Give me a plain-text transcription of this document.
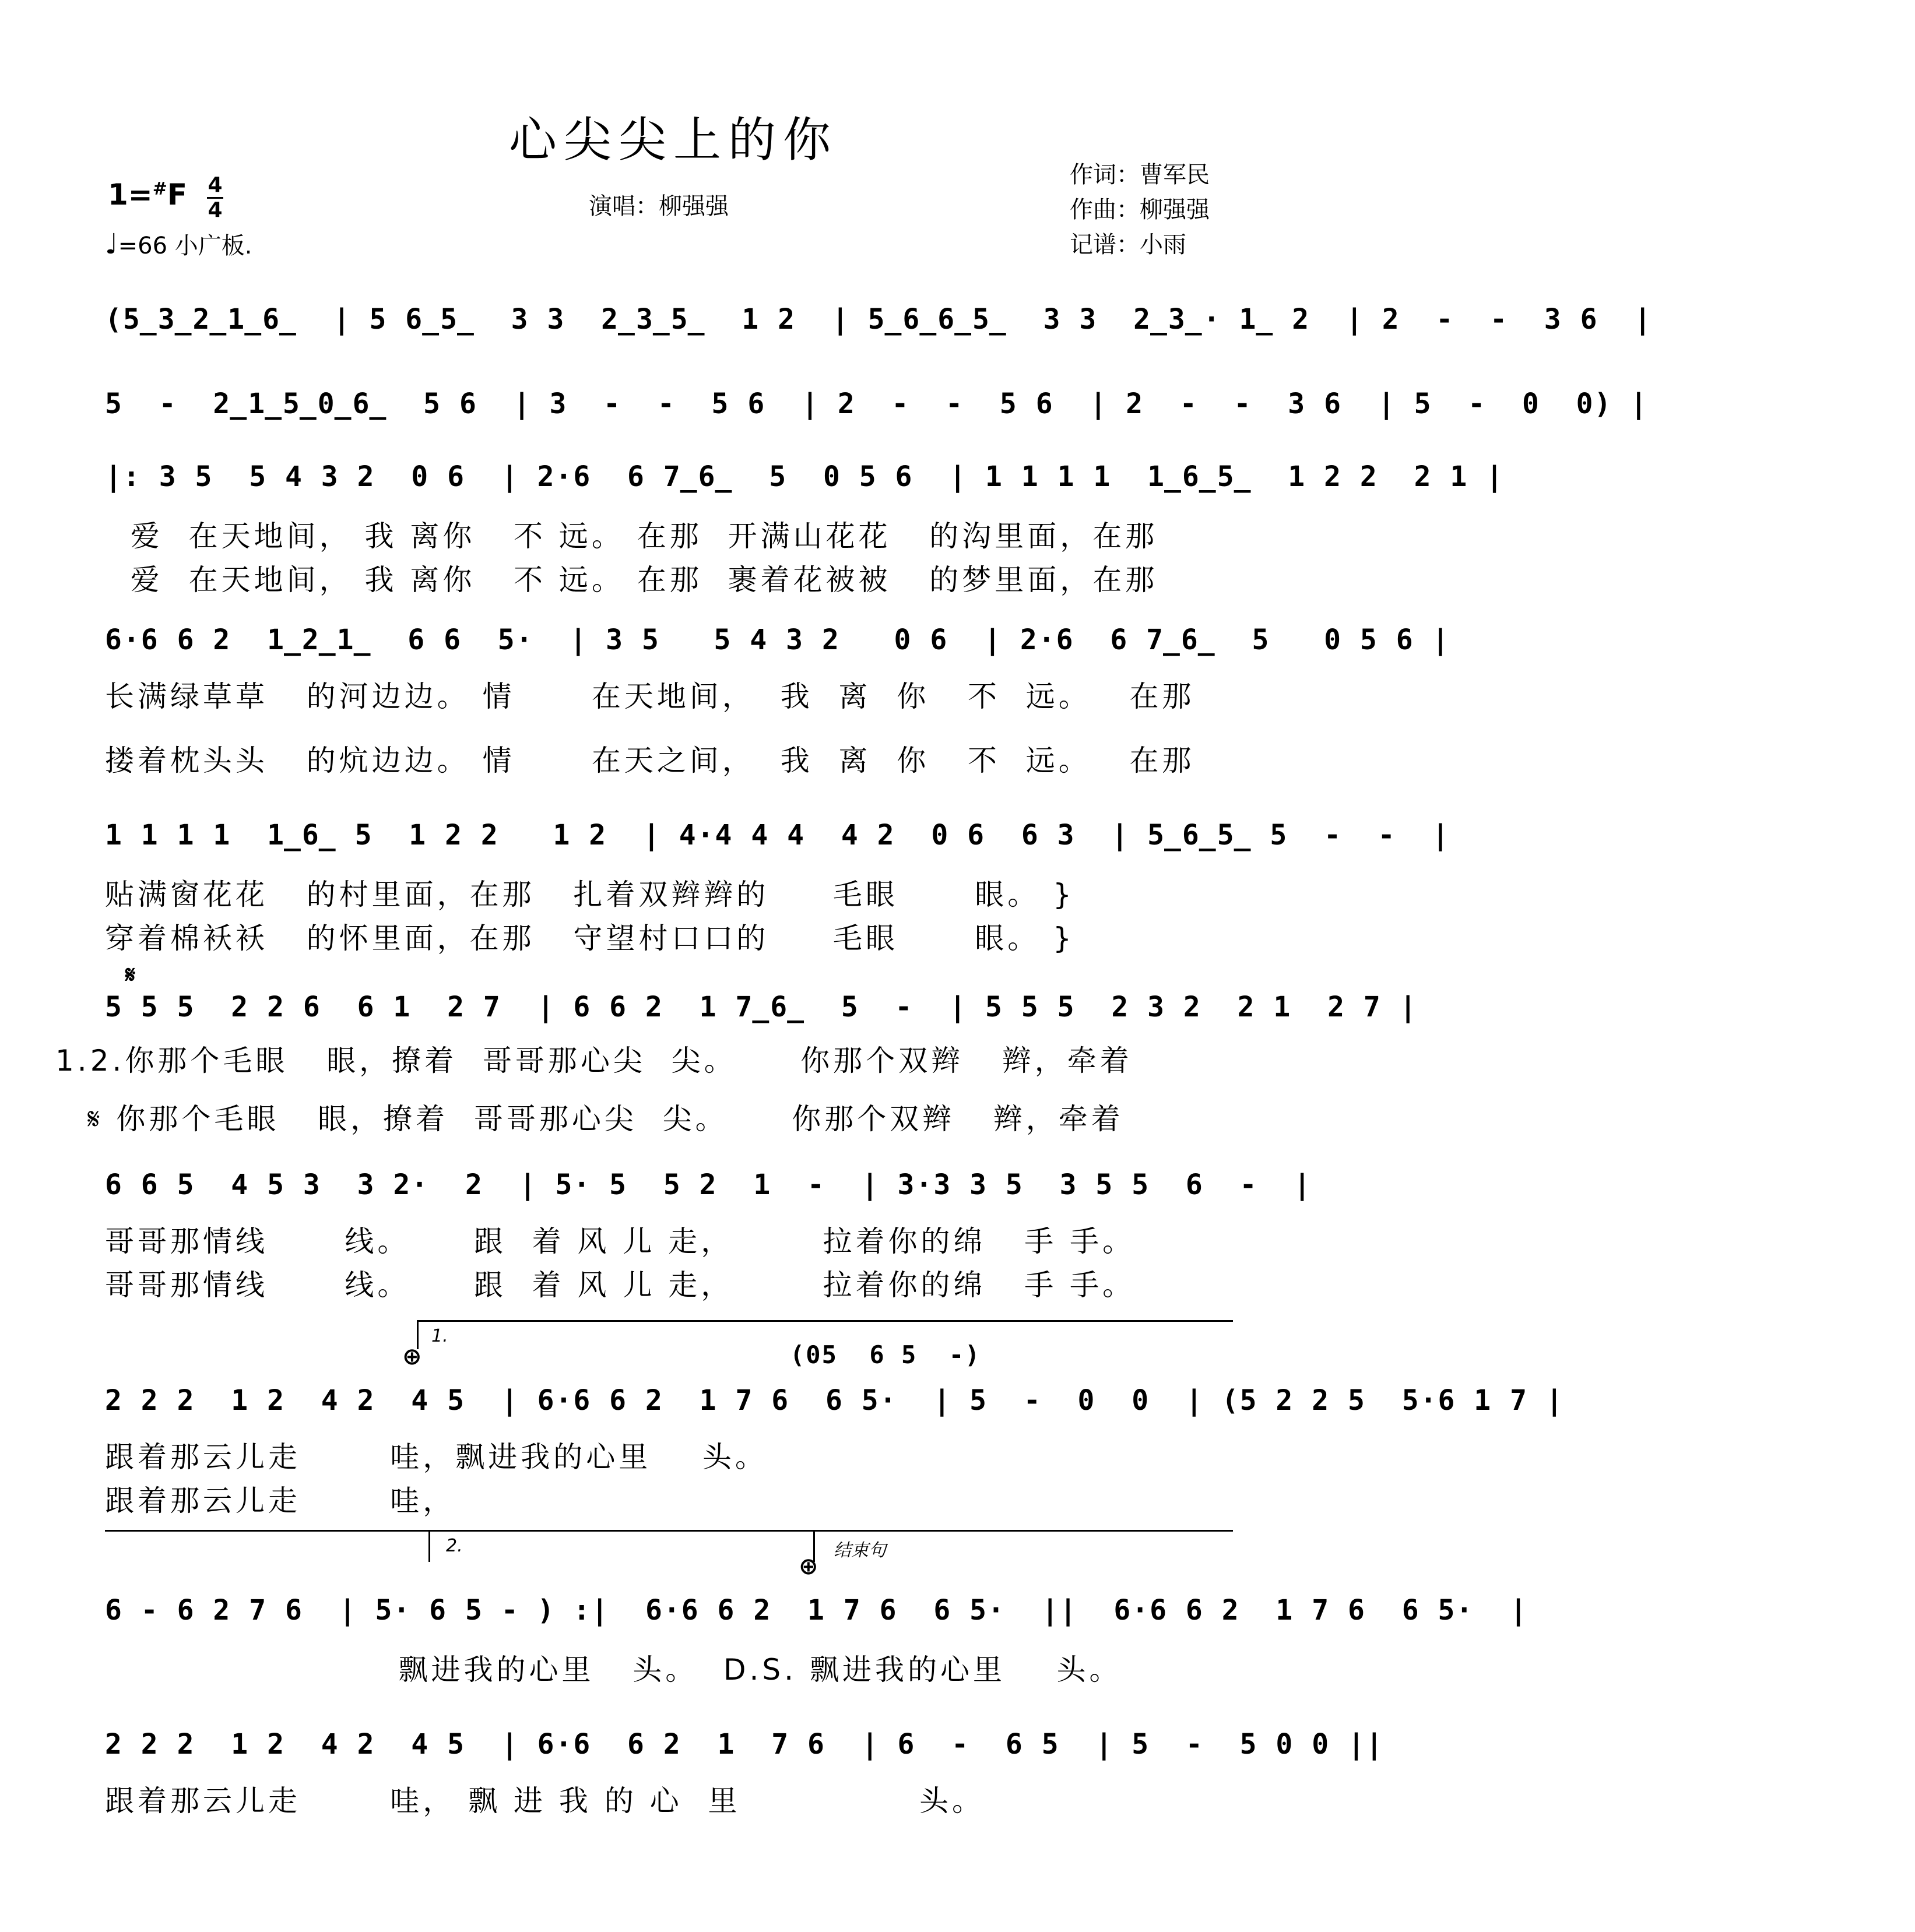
心尖尖上的你
作词：曹军民
作曲：柳强强
记谱：小雨
演唱：柳强强
1=#F 4
4
♩=66 小广板.
(5̲3̲2̲1̲6̲  | 5 6̲5̲  3 3  2̲3̲5̲  1 2  | 5̲6̲6̲5̲  3 3  2̲3̲· 1̲ 2  | 2  -  -  3 6  |
5  -  2̲1̲5̲0̲6̲  5 6  | 3  -  -  5 6  | 2  -  -  5 6  | 2  -  -  3 6  | 5  -  0  0) |
|: 3 5  5 4 3 2  0 6  | 2·6  6 7̲6̲  5  0 5 6  | 1 1 1 1  1̲6̲5̲  1 2 2  2 1 |
爱  在天地间， 我 离你   不 远。 在那  开满山花花   的沟里面，在那
爱  在天地间， 我 离你   不 远。 在那  裹着花被被   的梦里面，在那
6·6 6 2  1̲2̲1̲  6 6  5·  | 3 5   5 4 3 2   0 6  | 2·6  6 7̲6̲  5   0 5 6 |
长满绿草草   的河边边。 情      在天地间，  我  离  你   不  远。   在那
搂着枕头头   的炕边边。 情      在天之间，  我  离  你   不  远。   在那
1 1 1 1  1̲6̲ 5  1 2 2   1 2  | 4·4 4 4  4 2  0 6  6 3  | 5̲6̲5̲ 5  -  -  |
贴满窗花花   的村里面，在那   扎着双辫辫的     毛眼      眼。 }
穿着棉袄袄   的怀里面，在那   守望村口口的     毛眼      眼。 }
𝄋
5 5 5  2 2 6  6 1  2 7  | 6 6 2  1 7̲6̲  5  -  | 5 5 5  2 3 2  2 1  2 7 |
1.2.你那个毛眼   眼，撩着  哥哥那心尖  尖。     你那个双辫   辫，牵着
𝄋 你那个毛眼   眼，撩着  哥哥那心尖  尖。     你那个双辫   辫，牵着
6 6 5  4 5 3  3 2·  2  | 5· 5  5 2  1  -  | 3·3 3 5  3 5 5  6  -  |
哥哥那情线      线。     跟  着 风 儿 走，       拉着你的绵   手 手。
哥哥那情线      线。     跟  着 风 儿 走，       拉着你的绵   手 手。
1.
⊕	(05  6 5  -)
2 2 2  1 2  4 2  4 5  | 6·6 6 2  1 7 6  6 5·  | 5  -  0  0  | (5 2 2 5  5·6 1 7 |
跟着那云儿走       哇，飘进我的心里    头。
跟着那云儿走       哇，
2.	结束句
⊕
6 - 6 2 7 6  | 5· 6 5 - ) :|  6·6 6 2  1 7 6  6 5·  ||  6·6 6 2  1 7 6  6 5·  |
飘进我的心里   头。  D.S. 飘进我的心里    头。
2 2 2  1 2  4 2  4 5  | 6·6  6 2  1  7 6  | 6  -  6 5  | 5  -  5 0 0 ||
跟着那云儿走       哇， 飘 进 我 的 心  里              头。
